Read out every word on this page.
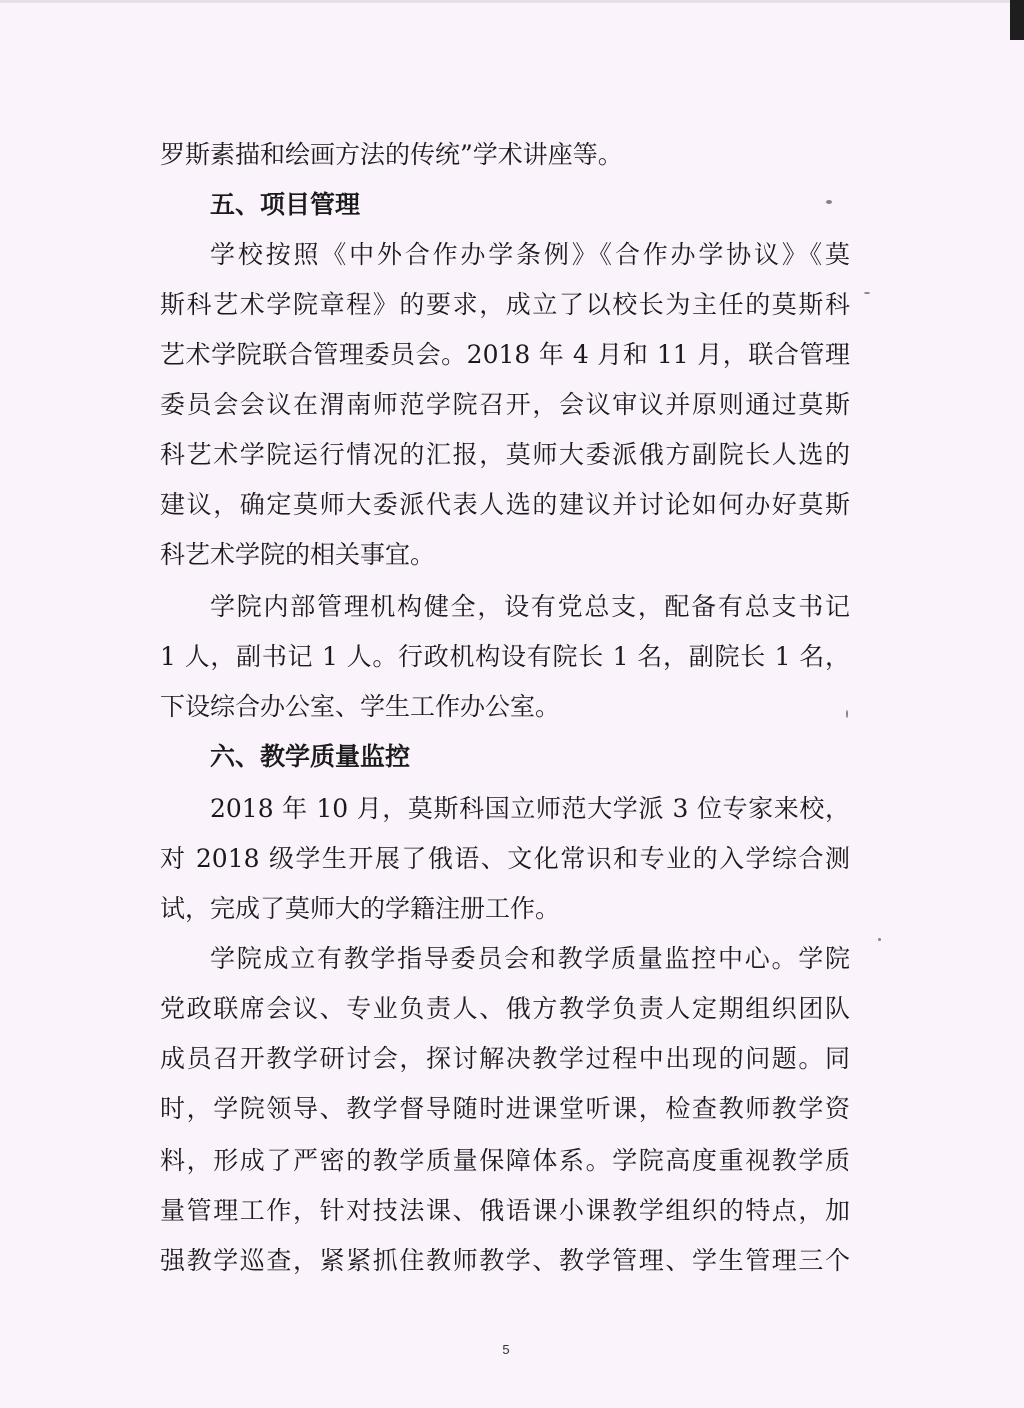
罗斯素描和绘画方法的传统”学术讲座等。
五、项目管理
学校按照《中外合作办学条例》《合作办学协议》《莫
斯科艺术学院章程》的要求，成立了以校长为主任的莫斯科
艺术学院联合管理委员会。2018 年 4 月和 11 月，联合管理
委员会会议在渭南师范学院召开，会议审议并原则通过莫斯
科艺术学院运行情况的汇报，莫师大委派俄方副院长人选的
建议，确定莫师大委派代表人选的建议并讨论如何办好莫斯
科艺术学院的相关事宜。
学院内部管理机构健全，设有党总支，配备有总支书记
1 人，副书记 1 人。行政机构设有院长 1 名，副院长 1 名，
下设综合办公室、学生工作办公室。
六、教学质量监控
2018 年 10 月，莫斯科国立师范大学派 3 位专家来校，
对 2018 级学生开展了俄语、文化常识和专业的入学综合测
试，完成了莫师大的学籍注册工作。
学院成立有教学指导委员会和教学质量监控中心。学院
党政联席会议、专业负责人、俄方教学负责人定期组织团队
成员召开教学研讨会，探讨解决教学过程中出现的问题。同
时，学院领导、教学督导随时进课堂听课，检查教师教学资
料，形成了严密的教学质量保障体系。学院高度重视教学质
量管理工作，针对技法课、俄语课小课教学组织的特点，加
强教学巡查，紧紧抓住教师教学、教学管理、学生管理三个
5
